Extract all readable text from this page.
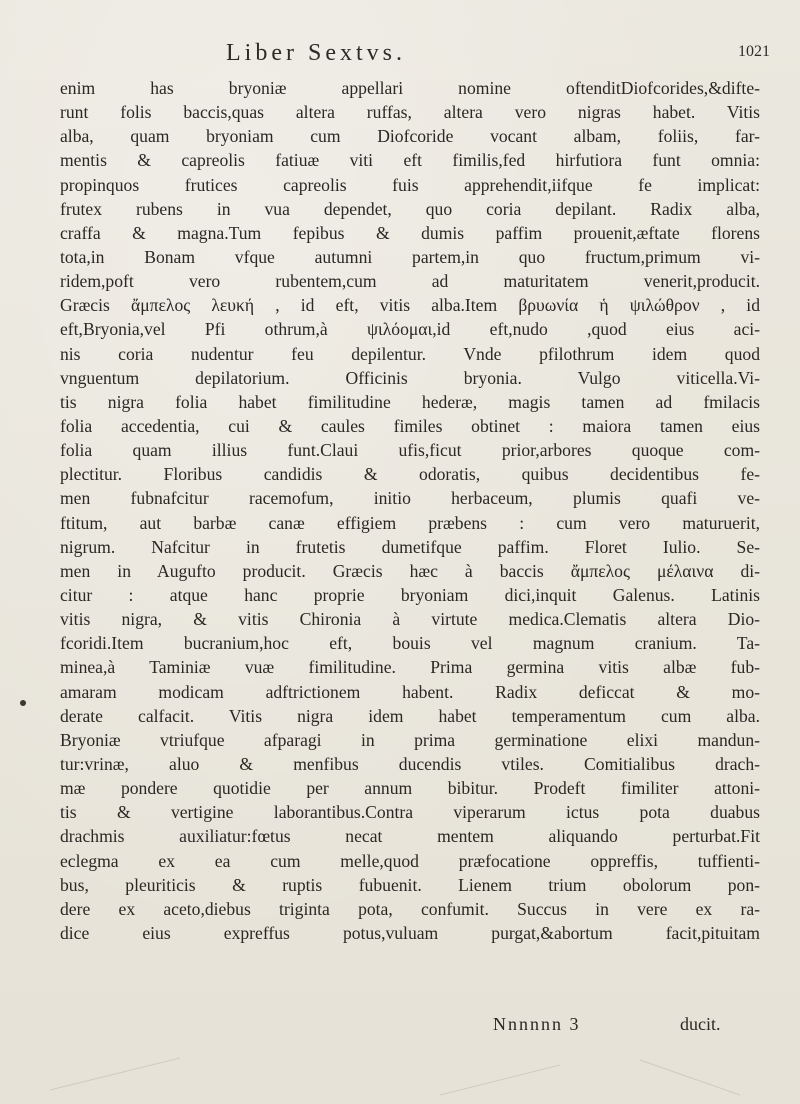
Liber Sextvs.	1021
enim has bryoniæ appellari nomine oftenditDiofcorides,&difte-
runt folis baccis,quas altera ruffas, altera vero nigras habet. Vitis
alba, quam bryoniam cum Diofcoride vocant albam, foliis, far-
mentis & capreolis fatiuæ viti eft fimilis,fed hirfutiora funt omnia:
propinquos frutices capreolis fuis apprehendit,iifque fe implicat:
frutex rubens in vua dependet, quo coria depilant. Radix alba,
craffa & magna.Tum fepibus & dumis paffim prouenit,æftate florens
tota,in Bonam vfque autumni partem,in quo fructum,primum vi-
ridem,poft vero rubentem,cum ad maturitatem venerit,producit.
Græcis ἄμπελος λευκή , id eft, vitis alba.Item βρυωνία ἡ ψιλώθρον , id
eft,Bryonia,vel Pfi othrum,à ψιλόομαι,id eft,nudo ,quod eius aci-
nis coria nudentur feu depilentur. Vnde pfilothrum idem quod
vnguentum depilatorium. Officinis bryonia. Vulgo viticella.Vi-
tis nigra folia habet fimilitudine hederæ, magis tamen ad fmilacis
folia accedentia, cui & caules fimiles obtinet : maiora tamen eius
folia quam illius funt.Claui ufis,ficut prior,arbores quoque com-
plectitur. Floribus candidis & odoratis, quibus decidentibus fe-
men fubnafcitur racemofum, initio herbaceum, plumis quafi ve-
ftitum, aut barbæ canæ effigiem præbens : cum vero maturuerit,
nigrum. Nafcitur in frutetis dumetifque paffim. Floret Iulio. Se-
men in Augufto producit. Græcis hæc à baccis ἄμπελος μέλαινα di-
citur : atque hanc proprie bryoniam dici,inquit Galenus. Latinis
vitis nigra, & vitis Chironia à virtute medica.Clematis altera Dio-
fcoridi.Item bucranium,hoc eft, bouis vel magnum cranium. Ta-
minea,à Taminiæ vuæ fimilitudine. Prima germina vitis albæ fub-
amaram modicam adftrictionem habent. Radix deficcat & mo-
derate calfacit. Vitis nigra idem habet temperamentum cum alba.
Bryoniæ vtriufque afparagi in prima germinatione elixi mandun-
tur:vrinæ, aluo & menfibus ducendis vtiles. Comitialibus drach-
mæ pondere quotidie per annum bibitur. Prodeft fimiliter attoni-
tis & vertigine laborantibus.Contra viperarum ictus pota duabus
drachmis auxiliatur:fœtus necat mentem aliquando perturbat.Fit
eclegma ex ea cum melle,quod præfocatione oppreffis, tuffienti-
bus, pleuriticis & ruptis fubuenit. Lienem trium obolorum pon-
dere ex aceto,diebus triginta pota, confumit. Succus in vere ex ra-
dice eius expreffus potus,vuluam purgat,&abortum facit,pituitam
Nnnnnn 3	ducit.
